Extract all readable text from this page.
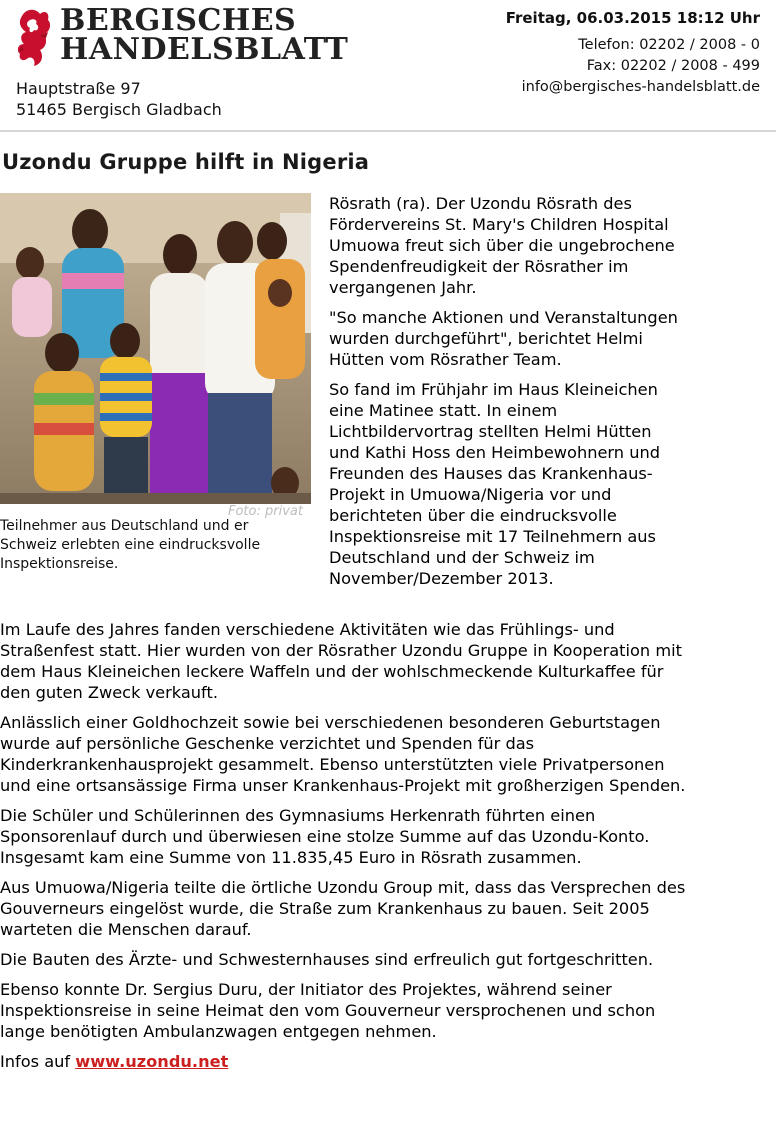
BERGISCHES
HANDELSBLATT
Hauptstraße 97
51465 Bergisch Gladbach
Freitag, 06.03.2015 18:12 Uhr
Telefon: 02202 / 2008 - 0
Fax: 02202 / 2008 - 499
info@bergisches-handelsblatt.de
Uzondu Gruppe hilft in Nigeria
Foto: privat
Teilnehmer aus Deutschland und er Schweiz erlebten eine eindrucksvolle Inspektionsreise.

Rösrath (ra). Der Uzondu Rösrath des Fördervereins St. Mary's Children Hospital Umuowa freut sich über die ungebrochene Spendenfreudigkeit der Rösrather im vergangenen Jahr.

"So manche Aktionen und Veranstaltungen wurden durchgeführt", berichtet Helmi Hütten vom Rösrather Team.

So fand im Frühjahr im Haus Kleineichen eine Matinee statt. In einem Lichtbildervortrag stellten Helmi Hütten und Kathi Hoss den Heimbewohnern und Freunden des Hauses das Krankenhaus-Projekt in Umuowa/Nigeria vor und berichteten über die eindrucksvolle Inspektionsreise mit 17 Teilnehmern aus Deutschland und der Schweiz im November/Dezember 2013.

Im Laufe des Jahres fanden verschiedene Aktivitäten wie das Frühlings- und Straßenfest statt. Hier wurden von der Rösrather Uzondu Gruppe in Kooperation mit dem Haus Kleineichen leckere Waffeln und der wohlschmeckende Kulturkaffee für den guten Zweck verkauft.

Anlässlich einer Goldhochzeit sowie bei verschiedenen besonderen Geburtstagen wurde auf persönliche Geschenke verzichtet und Spenden für das Kinderkrankenhausprojekt gesammelt. Ebenso unterstützten viele Privatpersonen und eine ortsansässige Firma unser Krankenhaus-Projekt mit großherzigen Spenden.

Die Schüler und Schülerinnen des Gymnasiums Herkenrath führten einen Sponsorenlauf durch und überwiesen eine stolze Summe auf das Uzondu-Konto.

Insgesamt kam eine Summe von 11.835,45 Euro in Rösrath zusammen.

Aus Umuowa/Nigeria teilte die örtliche Uzondu Group mit, dass das Versprechen des Gouverneurs eingelöst wurde, die Straße zum Krankenhaus zu bauen. Seit 2005 warteten die Menschen darauf.

Die Bauten des Ärzte- und Schwesternhauses sind erfreulich gut fortgeschritten.

Ebenso konnte Dr. Sergius Duru, der Initiator des Projektes, während seiner Inspektionsreise in seine Heimat den vom Gouverneur versprochenen und schon lange benötigten Ambulanzwagen entgegen nehmen.

Infos auf www.uzondu.net
